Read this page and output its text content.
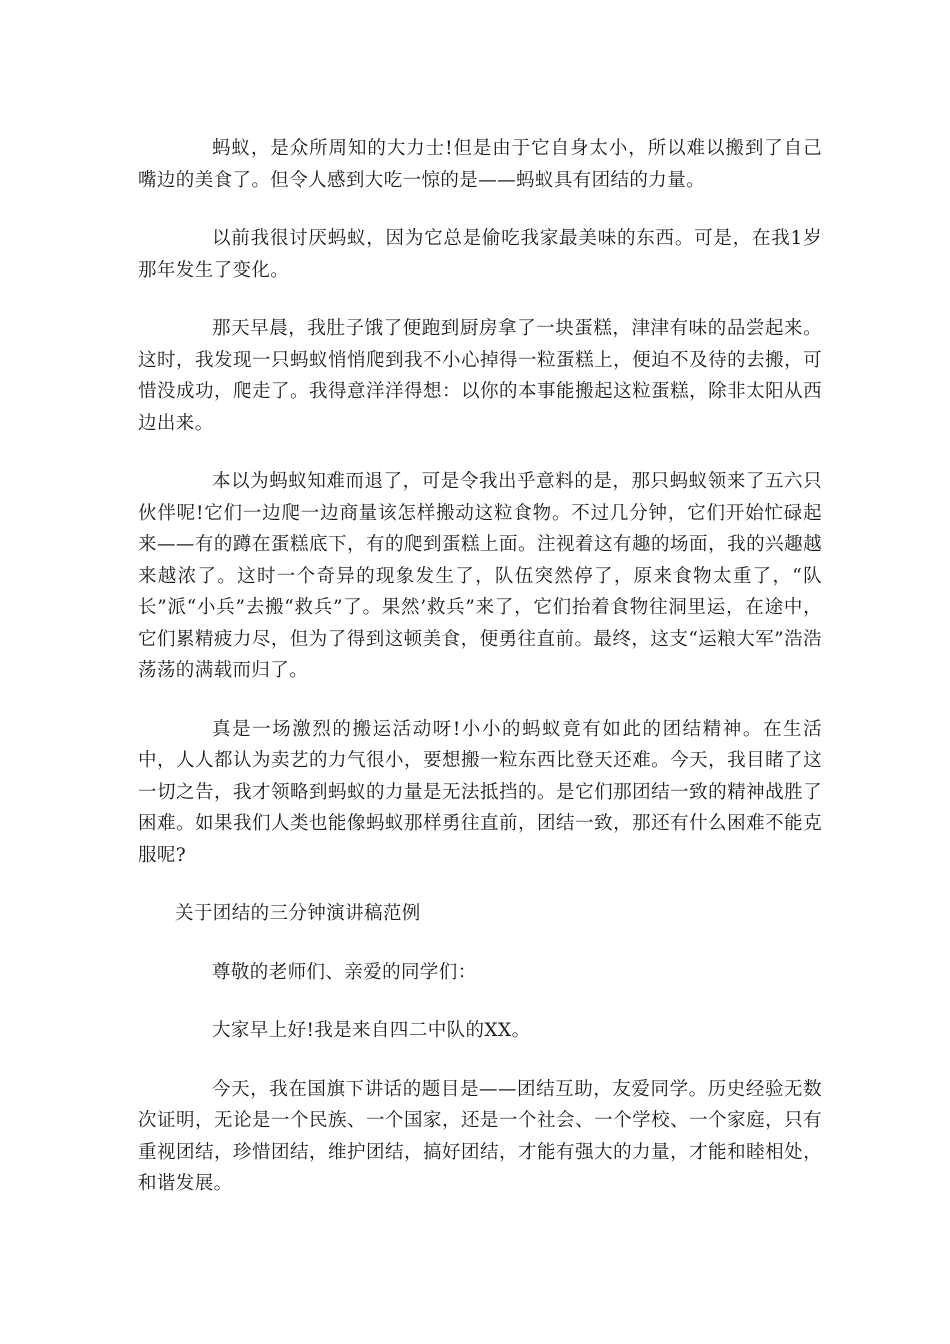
蚂蚁，是众所周知的大力士!但是由于它自身太小，所以难以搬到了自己嘴边的美食了。但令人感到大吃一惊的是——蚂蚁具有团结的力量。

以前我很讨厌蚂蚁，因为它总是偷吃我家最美味的东西。可是，在我1岁那年发生了变化。

那天早晨，我肚子饿了便跑到厨房拿了一块蛋糕，津津有味的品尝起来。这时，我发现一只蚂蚁悄悄爬到我不小心掉得一粒蛋糕上，便迫不及待的去搬，可惜没成功，爬走了。我得意洋洋得想：以你的本事能搬起这粒蛋糕，除非太阳从西边出来。

本以为蚂蚁知难而退了，可是令我出乎意料的是，那只蚂蚁领来了五六只伙伴呢!它们一边爬一边商量该怎样搬动这粒食物。不过几分钟，它们开始忙碌起来——有的蹲在蛋糕底下，有的爬到蛋糕上面。注视着这有趣的场面，我的兴趣越来越浓了。这时一个奇异的现象发生了，队伍突然停了，原来食物太重了，“队长”派“小兵”去搬“救兵”了。果然’救兵”来了，它们抬着食物往洞里运，在途中，它们累精疲力尽，但为了得到这顿美食，便勇往直前。最终，这支“运粮大军”浩浩荡荡的满载而归了。

真是一场激烈的搬运活动呀!小小的蚂蚁竟有如此的团结精神。在生活中，人人都认为卖艺的力气很小，要想搬一粒东西比登天还难。今天，我目睹了这一切之告，我才领略到蚂蚁的力量是无法抵挡的。是它们那团结一致的精神战胜了困难。如果我们人类也能像蚂蚁那样勇往直前，团结一致，那还有什么困难不能克服呢?

关于团结的三分钟演讲稿范例

尊敬的老师们、亲爱的同学们：

大家早上好!我是来自四二中队的XX。

今天，我在国旗下讲话的题目是——团结互助，友爱同学。历史经验无数次证明，无论是一个民族、一个国家，还是一个社会、一个学校、一个家庭，只有重视团结，珍惜团结，维护团结，搞好团结，才能有强大的力量，才能和睦相处，和谐发展。
